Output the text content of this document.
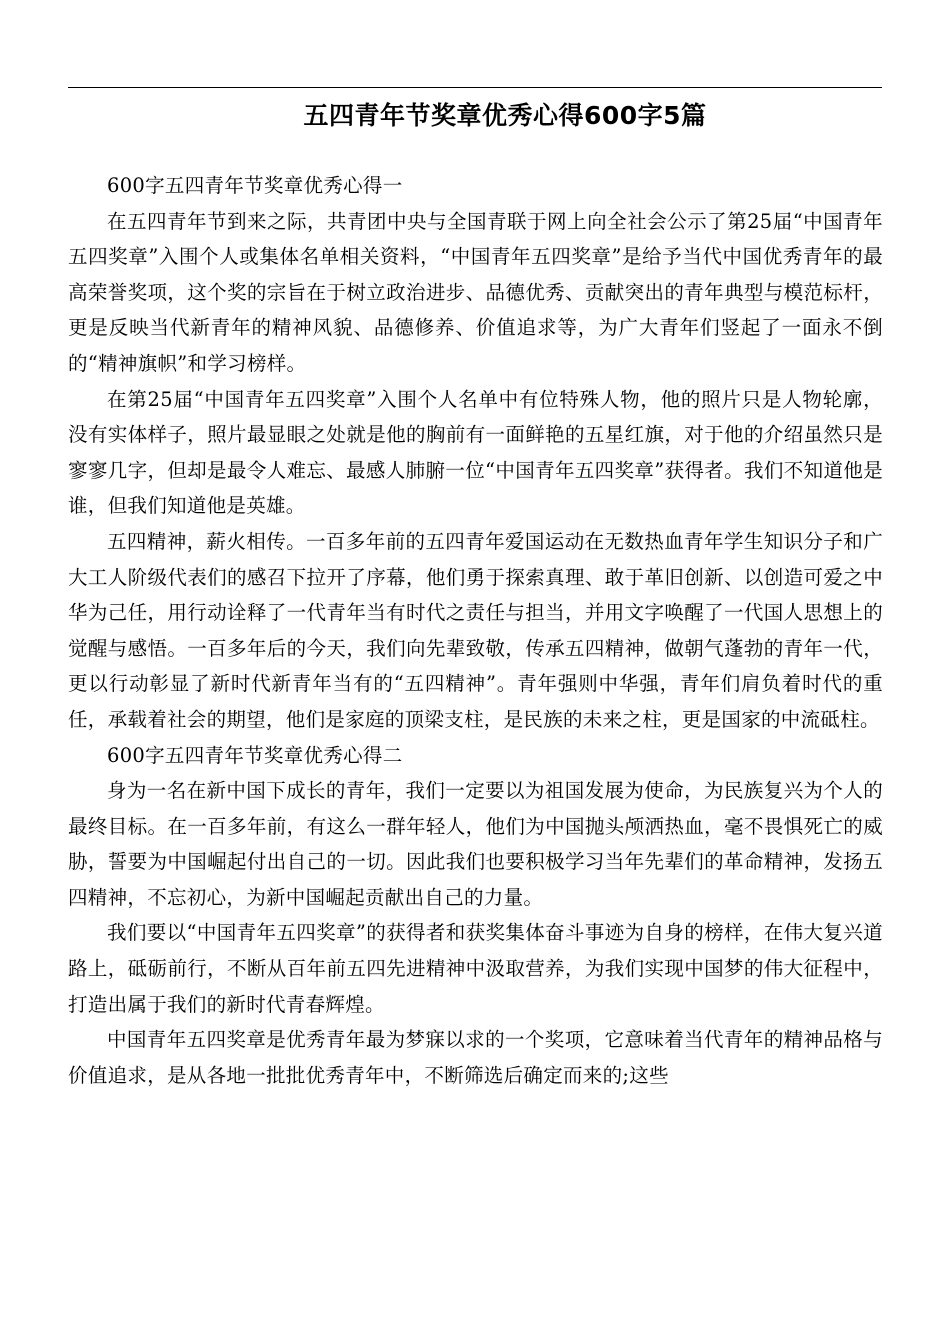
五四青年节奖章优秀心得600字5篇

600字五四青年节奖章优秀心得一

在五四青年节到来之际，共青团中央与全国青联于网上向全社会公示了第25届“中国青年五四奖章”入围个人或集体名单相关资料，“中国青年五四奖章”是给予当代中国优秀青年的最高荣誉奖项，这个奖的宗旨在于树立政治进步、品德优秀、贡献突出的青年典型与模范标杆，更是反映当代新青年的精神风貌、品德修养、价值追求等，为广大青年们竖起了一面永不倒的“精神旗帜”和学习榜样。

在第25届“中国青年五四奖章”入围个人名单中有位特殊人物，他的照片只是人物轮廓，没有实体样子，照片最显眼之处就是他的胸前有一面鲜艳的五星红旗，对于他的介绍虽然只是寥寥几字，但却是最令人难忘、最感人肺腑一位“中国青年五四奖章”获得者。我们不知道他是谁，但我们知道他是英雄。

五四精神，薪火相传。一百多年前的五四青年爱国运动在无数热血青年学生知识分子和广大工人阶级代表们的感召下拉开了序幕，他们勇于探索真理、敢于革旧创新、以创造可爱之中华为己任，用行动诠释了一代青年当有时代之责任与担当，并用文字唤醒了一代国人思想上的觉醒与感悟。一百多年后的今天，我们向先辈致敬，传承五四精神，做朝气蓬勃的青年一代，更以行动彰显了新时代新青年当有的“五四精神”。青年强则中华强，青年们肩负着时代的重任，承载着社会的期望，他们是家庭的顶梁支柱，是民族的未来之柱，更是国家的中流砥柱。

600字五四青年节奖章优秀心得二

身为一名在新中国下成长的青年，我们一定要以为祖国发展为使命，为民族复兴为个人的最终目标。在一百多年前，有这么一群年轻人，他们为中国抛头颅洒热血，毫不畏惧死亡的威胁，誓要为中国崛起付出自己的一切。因此我们也要积极学习当年先辈们的革命精神，发扬五四精神，不忘初心，为新中国崛起贡献出自己的力量。

我们要以“中国青年五四奖章”的获得者和获奖集体奋斗事迹为自身的榜样，在伟大复兴道路上，砥砺前行，不断从百年前五四先进精神中汲取营养，为我们实现中国梦的伟大征程中，打造出属于我们的新时代青春辉煌。

中国青年五四奖章是优秀青年最为梦寐以求的一个奖项，它意味着当代青年的精神品格与价值追求，是从各地一批批优秀青年中，不断筛选后确定而来的;这些
